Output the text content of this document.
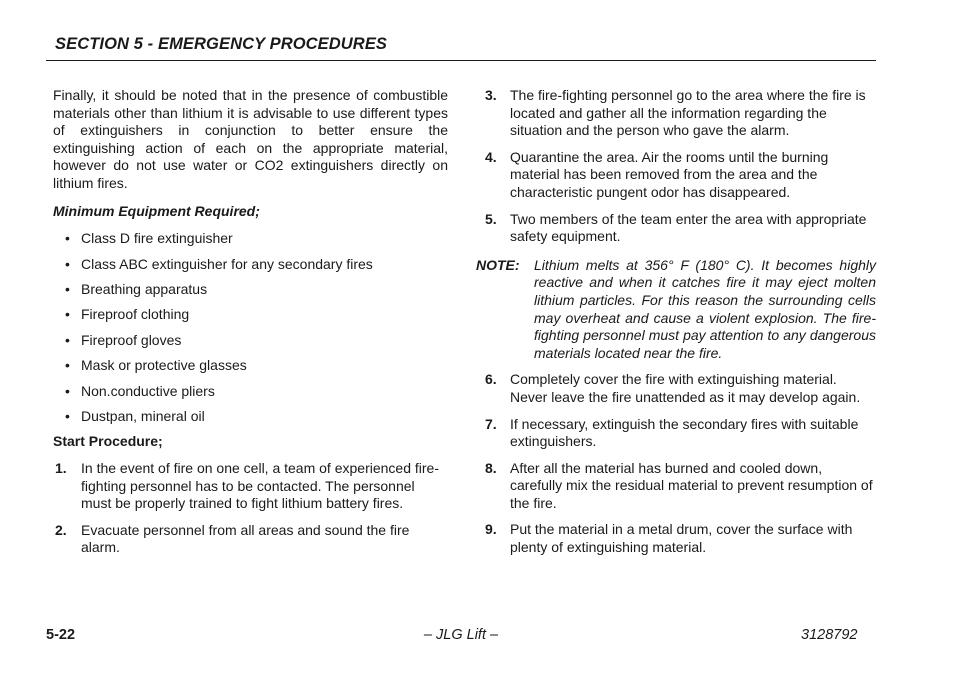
SECTION 5 - EMERGENCY PROCEDURES

Finally, it should be noted that in the presence of combustible materials other than lithium it is advisable to use different types of extinguishers in conjunction to better ensure the extinguishing action of each on the appropriate material, however do not use water or CO2 extinguishers directly on lithium fires.

Minimum Equipment Required;
• Class D fire extinguisher
• Class ABC extinguisher for any secondary fires
• Breathing apparatus
• Fireproof clothing
• Fireproof gloves
• Mask or protective glasses
• Non.conductive pliers
• Dustpan, mineral oil
Start Procedure;
1. In the event of fire on one cell, a team of experienced fire-fighting personnel has to be contacted. The personnel must be properly trained to fight lithium battery fires.
2. Evacuate personnel from all areas and sound the fire alarm.
3. The fire-fighting personnel go to the area where the fire is located and gather all the information regarding the situation and the person who gave the alarm.
4. Quarantine the area. Air the rooms until the burning material has been removed from the area and the characteristic pungent odor has disappeared.
5. Two members of the team enter the area with appropriate safety equipment.
NOTE: Lithium melts at 356° F (180° C). It becomes highly reactive and when it catches fire it may eject molten lithium particles. For this reason the surrounding cells may overheat and cause a violent explosion. The fire-fighting personnel must pay attention to any dangerous materials located near the fire.
6. Completely cover the fire with extinguishing material. Never leave the fire unattended as it may develop again.
7. If necessary, extinguish the secondary fires with suitable extinguishers.
8. After all the material has burned and cooled down, carefully mix the residual material to prevent resumption of the fire.
9. Put the material in a metal drum, cover the surface with plenty of extinguishing material.
5-22	– JLG Lift –	3128792
